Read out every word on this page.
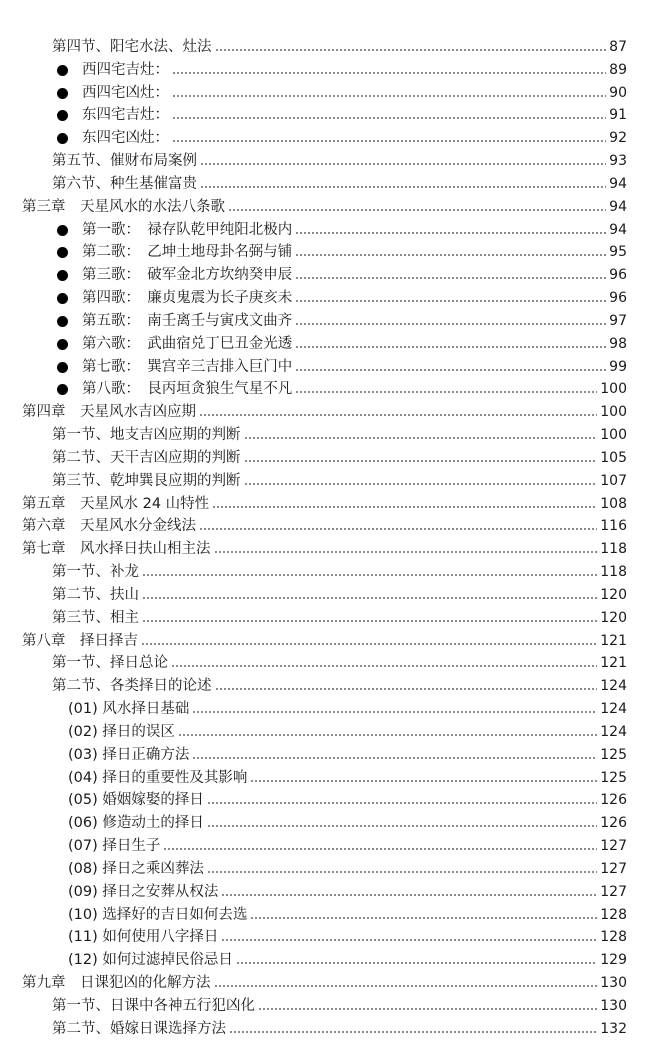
第四节、阳宅水法、灶法	87
西四宅吉灶：	89
西四宅凶灶：	90
东四宅吉灶：	91
东四宅凶灶：	92
第五节、催财布局案例	93
第六节、种生基催富贵	94
第三章　天星风水的水法八条歌	94
第一歌：　禄存队乾甲纯阳北极内	94
第二歌：　乙坤土地母卦名弼与铺	95
第三歌：　破军金北方坎纳癸申辰	96
第四歌：　廉贞鬼震为长子庚亥未	96
第五歌：　南壬离壬与寅戌文曲齐	97
第六歌：　武曲宿兑丁巳丑金光透	98
第七歌：　巽宫辛三吉排入巨门中	99
第八歌：　艮丙垣贪狼生气星不凡	100
第四章　天星风水吉凶应期	100
第一节、地支吉凶应期的判断	100
第二节、天干吉凶应期的判断	105
第三节、乾坤巽艮应期的判断	107
第五章　天星风水 24 山特性	108
第六章　天星风水分金线法	116
第七章　风水择日扶山相主法	118
第一节、补龙	118
第二节、扶山	120
第三节、相主	120
第八章　择日择吉	121
第一节、择日总论	121
第二节、各类择日的论述	124
(01) 风水择日基础	124
(02) 择日的误区	124
(03) 择日正确方法	125
(04) 择日的重要性及其影响	125
(05) 婚姻嫁娶的择日	126
(06) 修造动土的择日	126
(07) 择日生子	127
(08) 择日之乘凶葬法	127
(09) 择日之安葬从权法	127
(10) 选择好的吉日如何去选	128
(11) 如何使用八字择日	128
(12) 如何过滤掉民俗忌日	129
第九章　日课犯凶的化解方法	130
第一节、日课中各神五行犯凶化	130
第二节、婚嫁日课选择方法	132
